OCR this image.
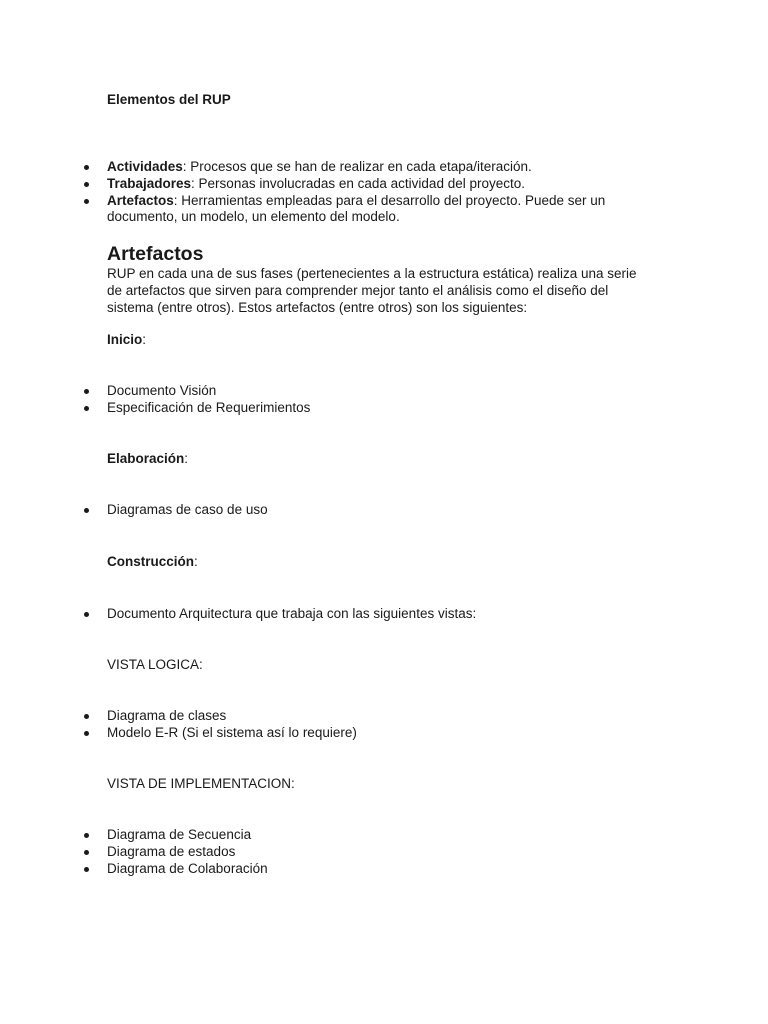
Elementos del RUP
Actividades: Procesos que se han de realizar en cada etapa/iteración.
Trabajadores: Personas involucradas en cada actividad del proyecto.
Artefactos: Herramientas empleadas para el desarrollo del proyecto. Puede ser un
documento, un modelo, un elemento del modelo.
Artefactos
RUP en cada una de sus fases (pertenecientes a la estructura estática) realiza una serie
de artefactos que sirven para comprender mejor tanto el análisis como el diseño del
sistema (entre otros). Estos artefactos (entre otros) son los siguientes:
Inicio:
Documento Visión
Especificación de Requerimientos
Elaboración:
Diagramas de caso de uso
Construcción:
Documento Arquitectura que trabaja con las siguientes vistas:
VISTA LOGICA:
Diagrama de clases
Modelo E-R (Si el sistema así lo requiere)
VISTA DE IMPLEMENTACION:
Diagrama de Secuencia
Diagrama de estados
Diagrama de Colaboración
